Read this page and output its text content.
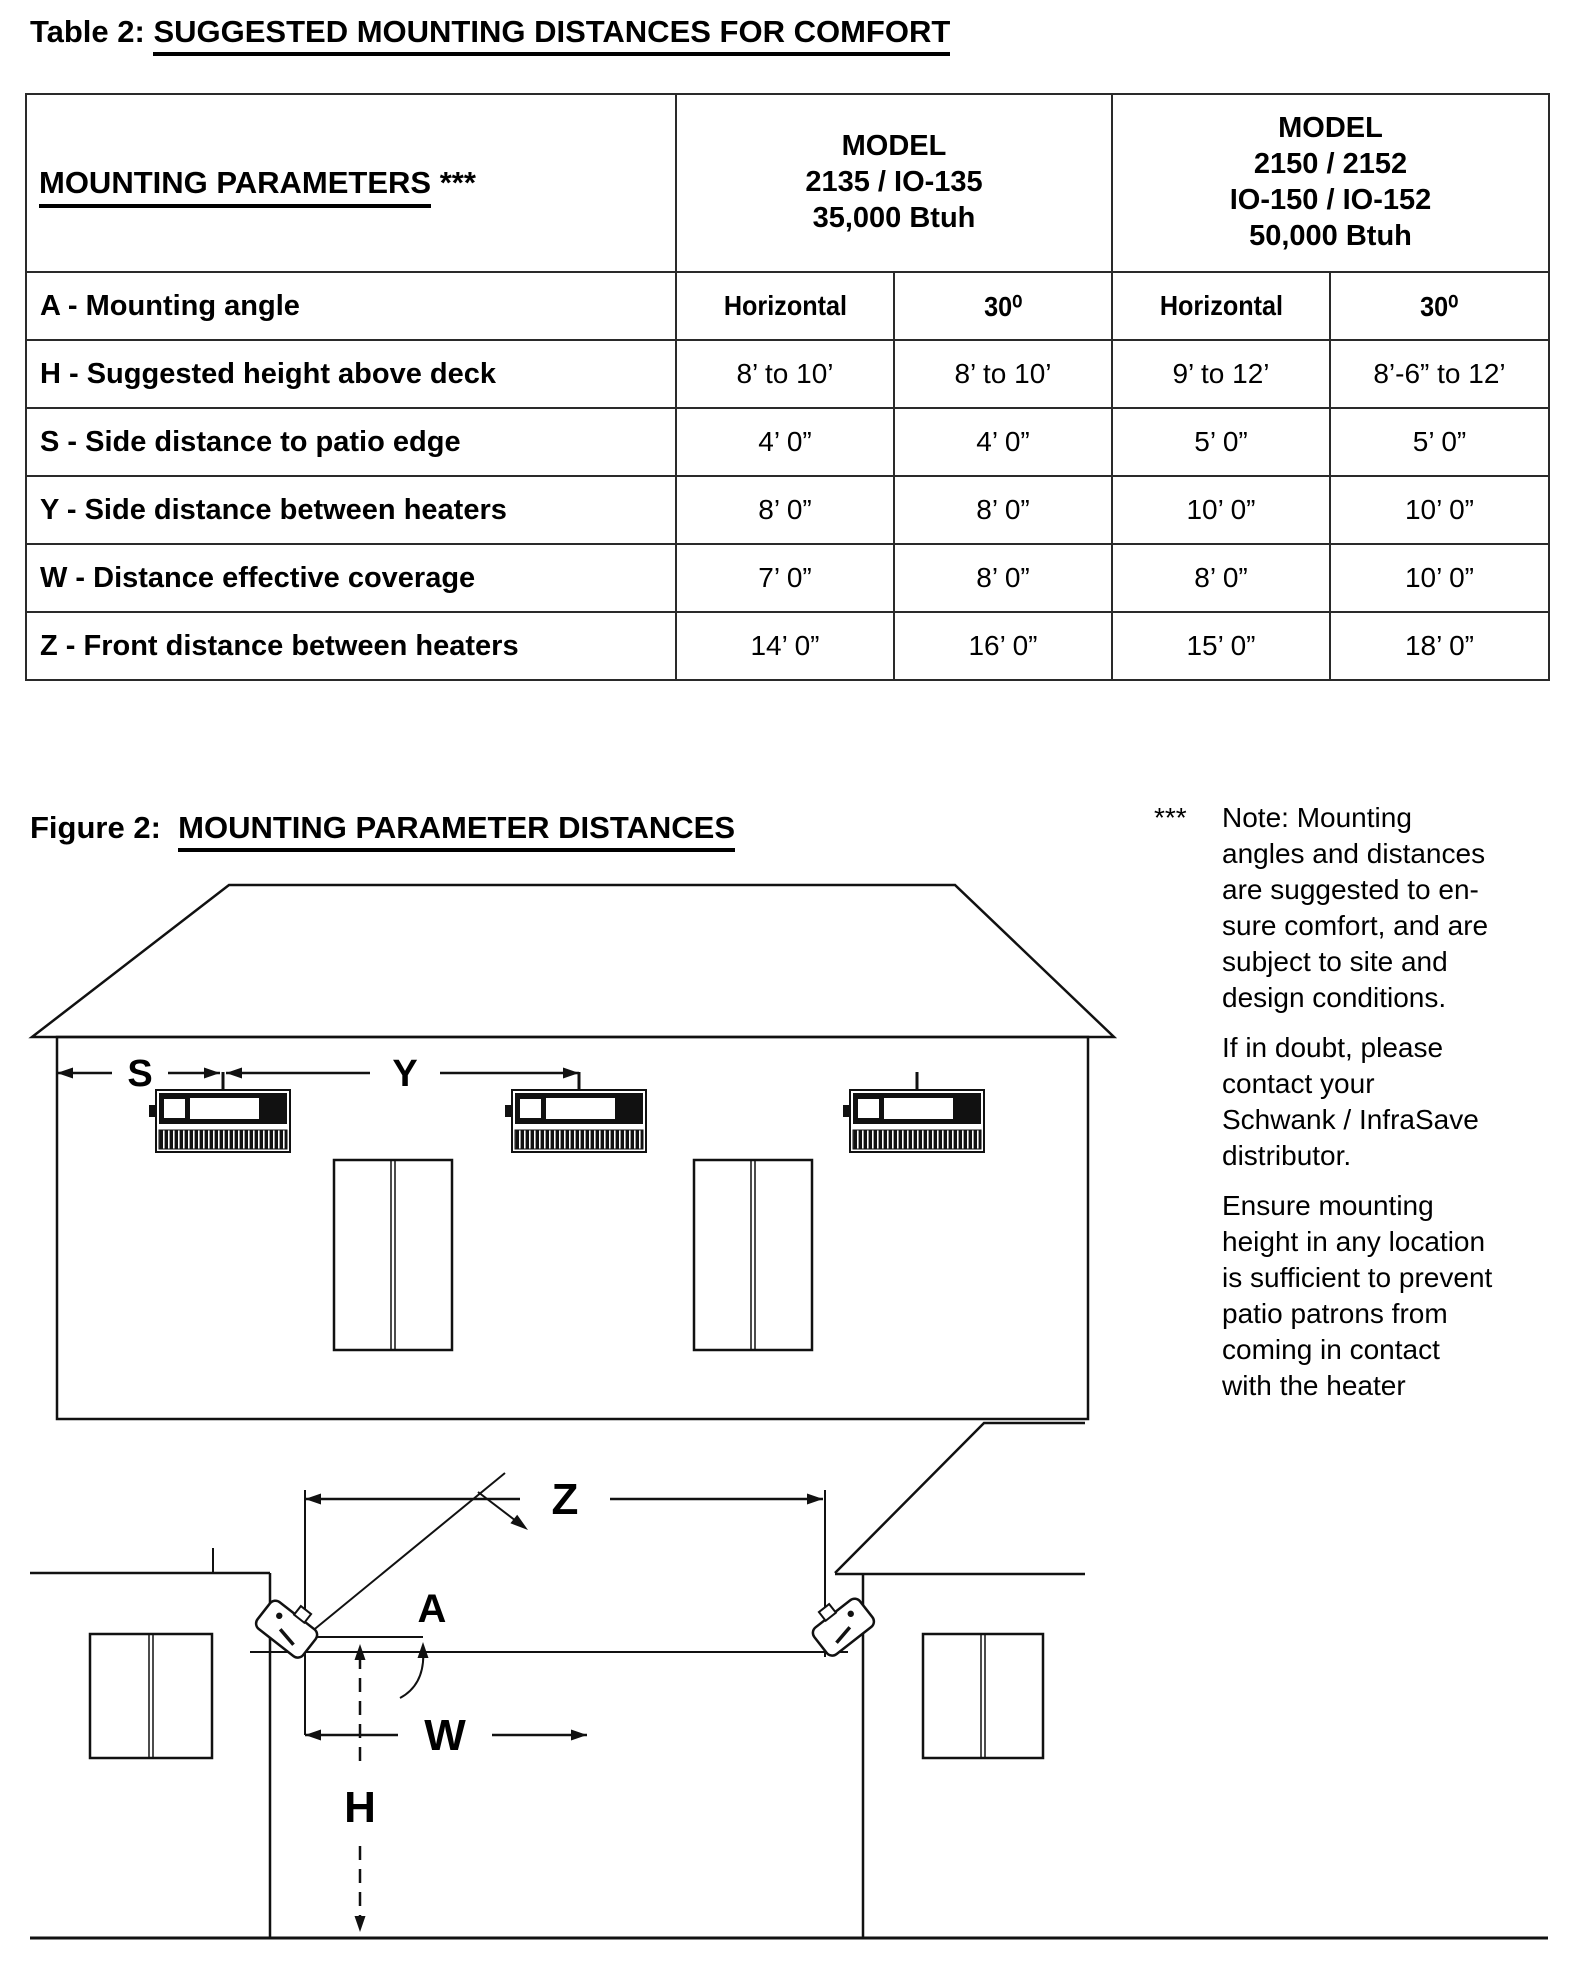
Table 2: SUGGESTED MOUNTING DISTANCES FOR COMFORT
MOUNTING PARAMETERS ***	
MODEL
2135 / IO-135
35,000 Btuh

MODEL
2150 / 2152
IO-150 / IO-152
50,000 Btuh

A - Mounting angle	Horizontal	30⁰	Horizontal	30⁰
H - Suggested height above deck	8’ to 10’	8’ to 10’	9’ to 12’	8’-6” to 12’
S - Side distance to patio edge	4’ 0”	4’ 0”	5’ 0”	5’ 0”
Y - Side distance between heaters	8’ 0”	8’ 0”	10’ 0”	10’ 0”
W - Distance effective coverage	7’ 0”	8’ 0”	8’ 0”	10’ 0”
Z - Front distance between heaters	14’ 0”	16’ 0”	15’ 0”	18’ 0”
Figure 2: MOUNTING PARAMETER DISTANCES	*** Note: Mounting
angles and distances
are suggested to en-
sure comfort, and are
subject to site and
design conditions.
If in doubt, please
contact your
Schwank / InfraSave
distributor.
Ensure mounting
height in any location
is sufficient to prevent
patio patrons from
coming in contact
with the heater
S	Y
Z
A
W
H
